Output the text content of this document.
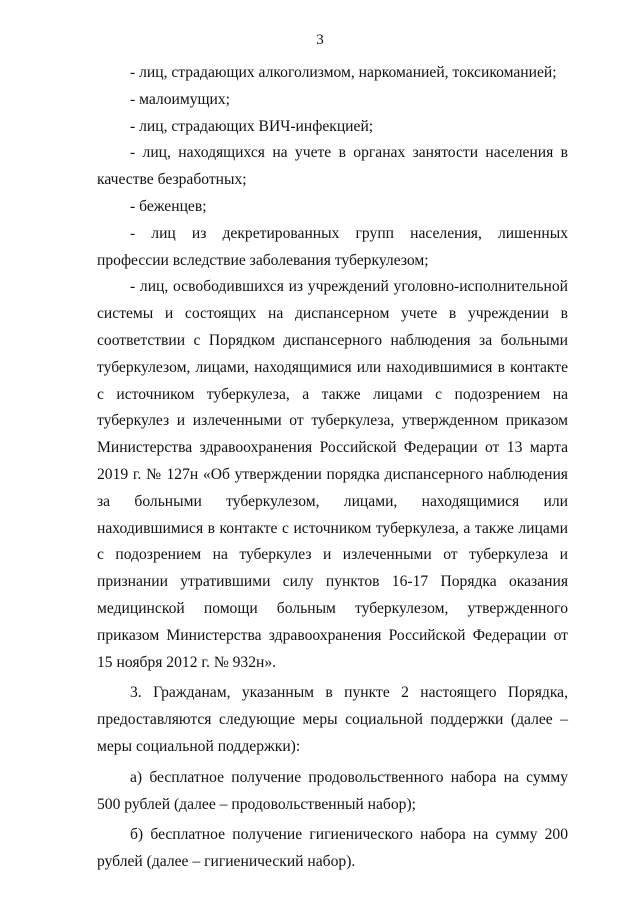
3

- лиц, страдающих алкоголизмом, наркоманией, токсикоманией;

- малоимущих;

- лиц, страдающих ВИЧ-инфекцией;

- лиц, находящихся на учете в органах занятости населения в качестве безработных;

- беженцев;

- лиц из декретированных групп населения, лишенных профессии вследствие заболевания туберкулезом;

- лиц, освободившихся из учреждений уголовно-исполнительной системы и состоящих на диспансерном учете в учреждении в соответствии с Порядком диспансерного наблюдения за больными туберкулезом, лицами, находящимися или находившимися в контакте с источником туберкулеза, а также лицами с подозрением на туберкулез и излеченными от туберкулеза, утвержденном приказом Министерства здравоохранения Российской Федерации от 13 марта 2019 г. № 127н «Об утверждении порядка диспансерного наблюдения за больными туберкулезом, лицами, находящимися или находившимися в контакте с источником туберкулеза, а также лицами с подозрением на туберкулез и излеченными от туберкулеза и признании утратившими силу пунктов 16-17 Порядка оказания медицинской помощи больным туберкулезом, утвержденного приказом Министерства здравоохранения Российской Федерации от 15 ноября 2012 г. № 932н».

3. Гражданам, указанным в пункте 2 настоящего Порядка, предоставляются следующие меры социальной поддержки (далее – меры социальной поддержки):

а) бесплатное получение продовольственного набора на сумму 500 рублей (далее – продовольственный набор);

б) бесплатное получение гигиенического набора на сумму 200 рублей (далее – гигиенический набор).
